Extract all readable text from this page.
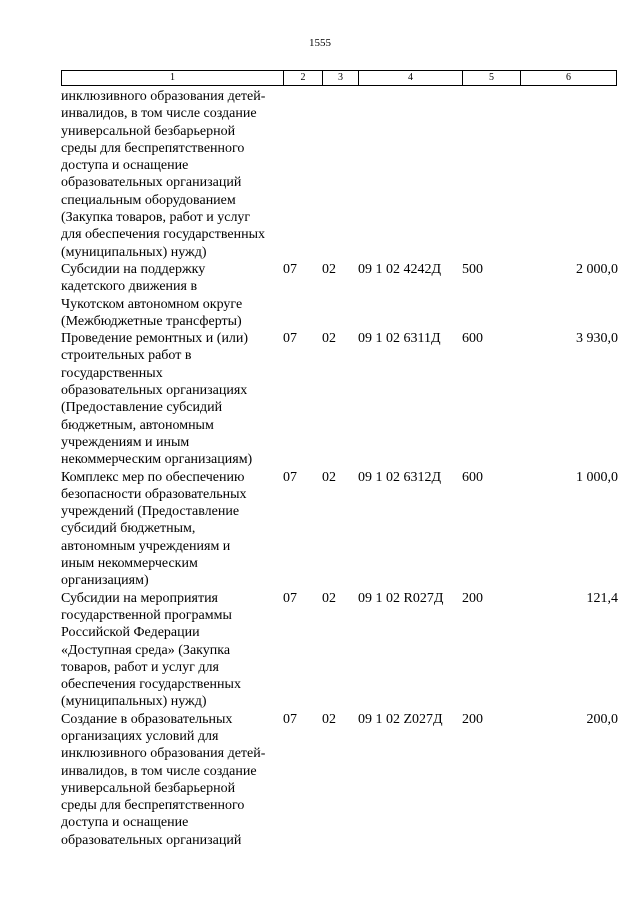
1555
1	2	3	4	5	6
инклюзивного образования детей-
инвалидов, в том числе создание
универсальной безбарьерной
среды для беспрепятственного
доступа и оснащение
образовательных организаций
специальным оборудованием
(Закупка товаров, работ и услуг
для обеспечения государственных
(муниципальных) нужд)
Субсидии на поддержку
кадетского движения в
Чукотском автономном округе
(Межбюджетные трансферты)
07	02	09 1 02 4242Д	500	2 000,0
Проведение ремонтных и (или)
строительных работ в
государственных
образовательных организациях
(Предоставление субсидий
бюджетным, автономным
учреждениям и иным
некоммерческим организациям)
07	02	09 1 02 6311Д	600	3 930,0
Комплекс мер по обеспечению
безопасности образовательных
учреждений (Предоставление
субсидий бюджетным,
автономным учреждениям и
иным некоммерческим
организациям)
07	02	09 1 02 6312Д	600	1 000,0
Субсидии на мероприятия
государственной программы
Российской Федерации
«Доступная среда» (Закупка
товаров, работ и услуг для
обеспечения государственных
(муниципальных) нужд)
07	02	09 1 02 R027Д	200	121,4
Создание в образовательных
организациях условий для
инклюзивного образования детей-
инвалидов, в том числе создание
универсальной безбарьерной
среды для беспрепятственного
доступа и оснащение
образовательных организаций
07	02	09 1 02 Z027Д	200	200,0
